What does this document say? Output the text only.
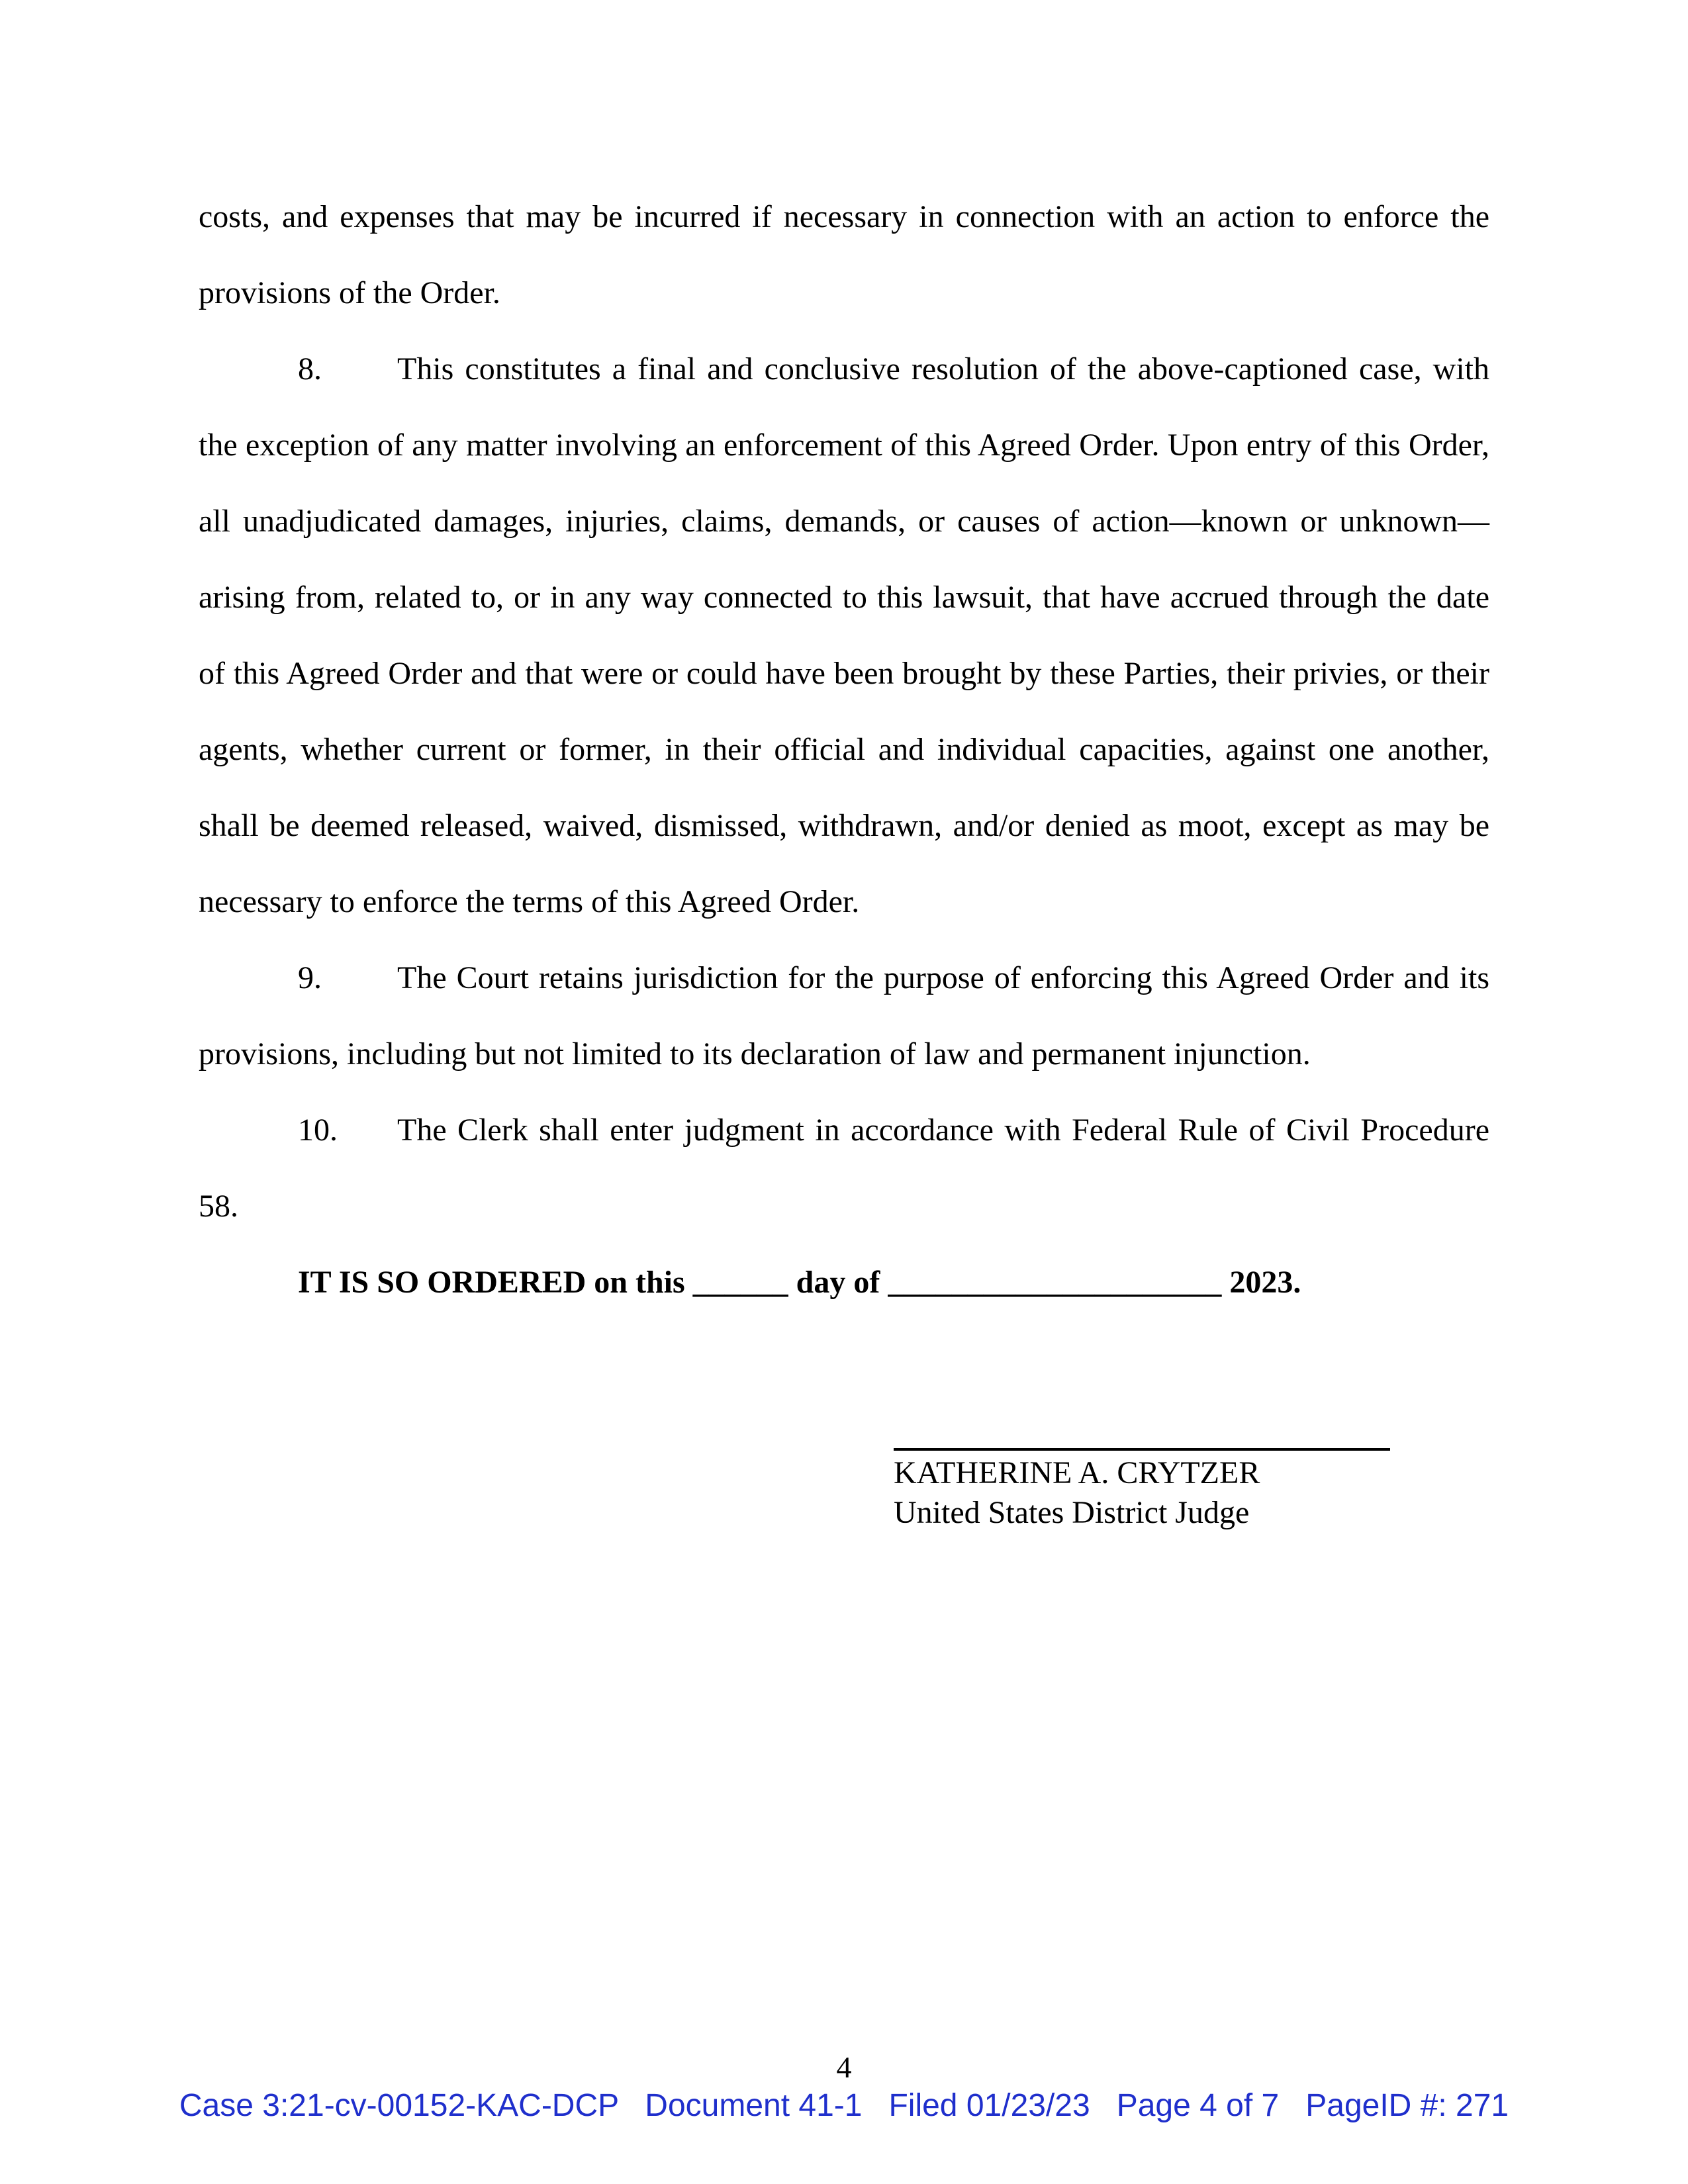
costs, and expenses that may be incurred if necessary in connection with an action to enforce the provisions of the Order.

8. This constitutes a final and conclusive resolution of the above-captioned case, with the exception of any matter involving an enforcement of this Agreed Order. Upon entry of this Order, all unadjudicated damages, injuries, claims, demands, or causes of action—known or unknown—arising from, related to, or in any way connected to this lawsuit, that have accrued through the date of this Agreed Order and that were or could have been brought by these Parties, their privies, or their agents, whether current or former, in their official and individual capacities, against one another, shall be deemed released, waived, dismissed, withdrawn, and/or denied as moot, except as may be necessary to enforce the terms of this Agreed Order.

9. The Court retains jurisdiction for the purpose of enforcing this Agreed Order and its provisions, including but not limited to its declaration of law and permanent injunction.

10. The Clerk shall enter judgment in accordance with Federal Rule of Civil Procedure 58.

IT IS SO ORDERED on this ______ day of _____________________ 2023.
KATHERINE A. CRYTZER
United States District Judge
4
Case 3:21-cv-00152-KAC-DCP   Document 41-1   Filed 01/23/23   Page 4 of 7   PageID #: 271
